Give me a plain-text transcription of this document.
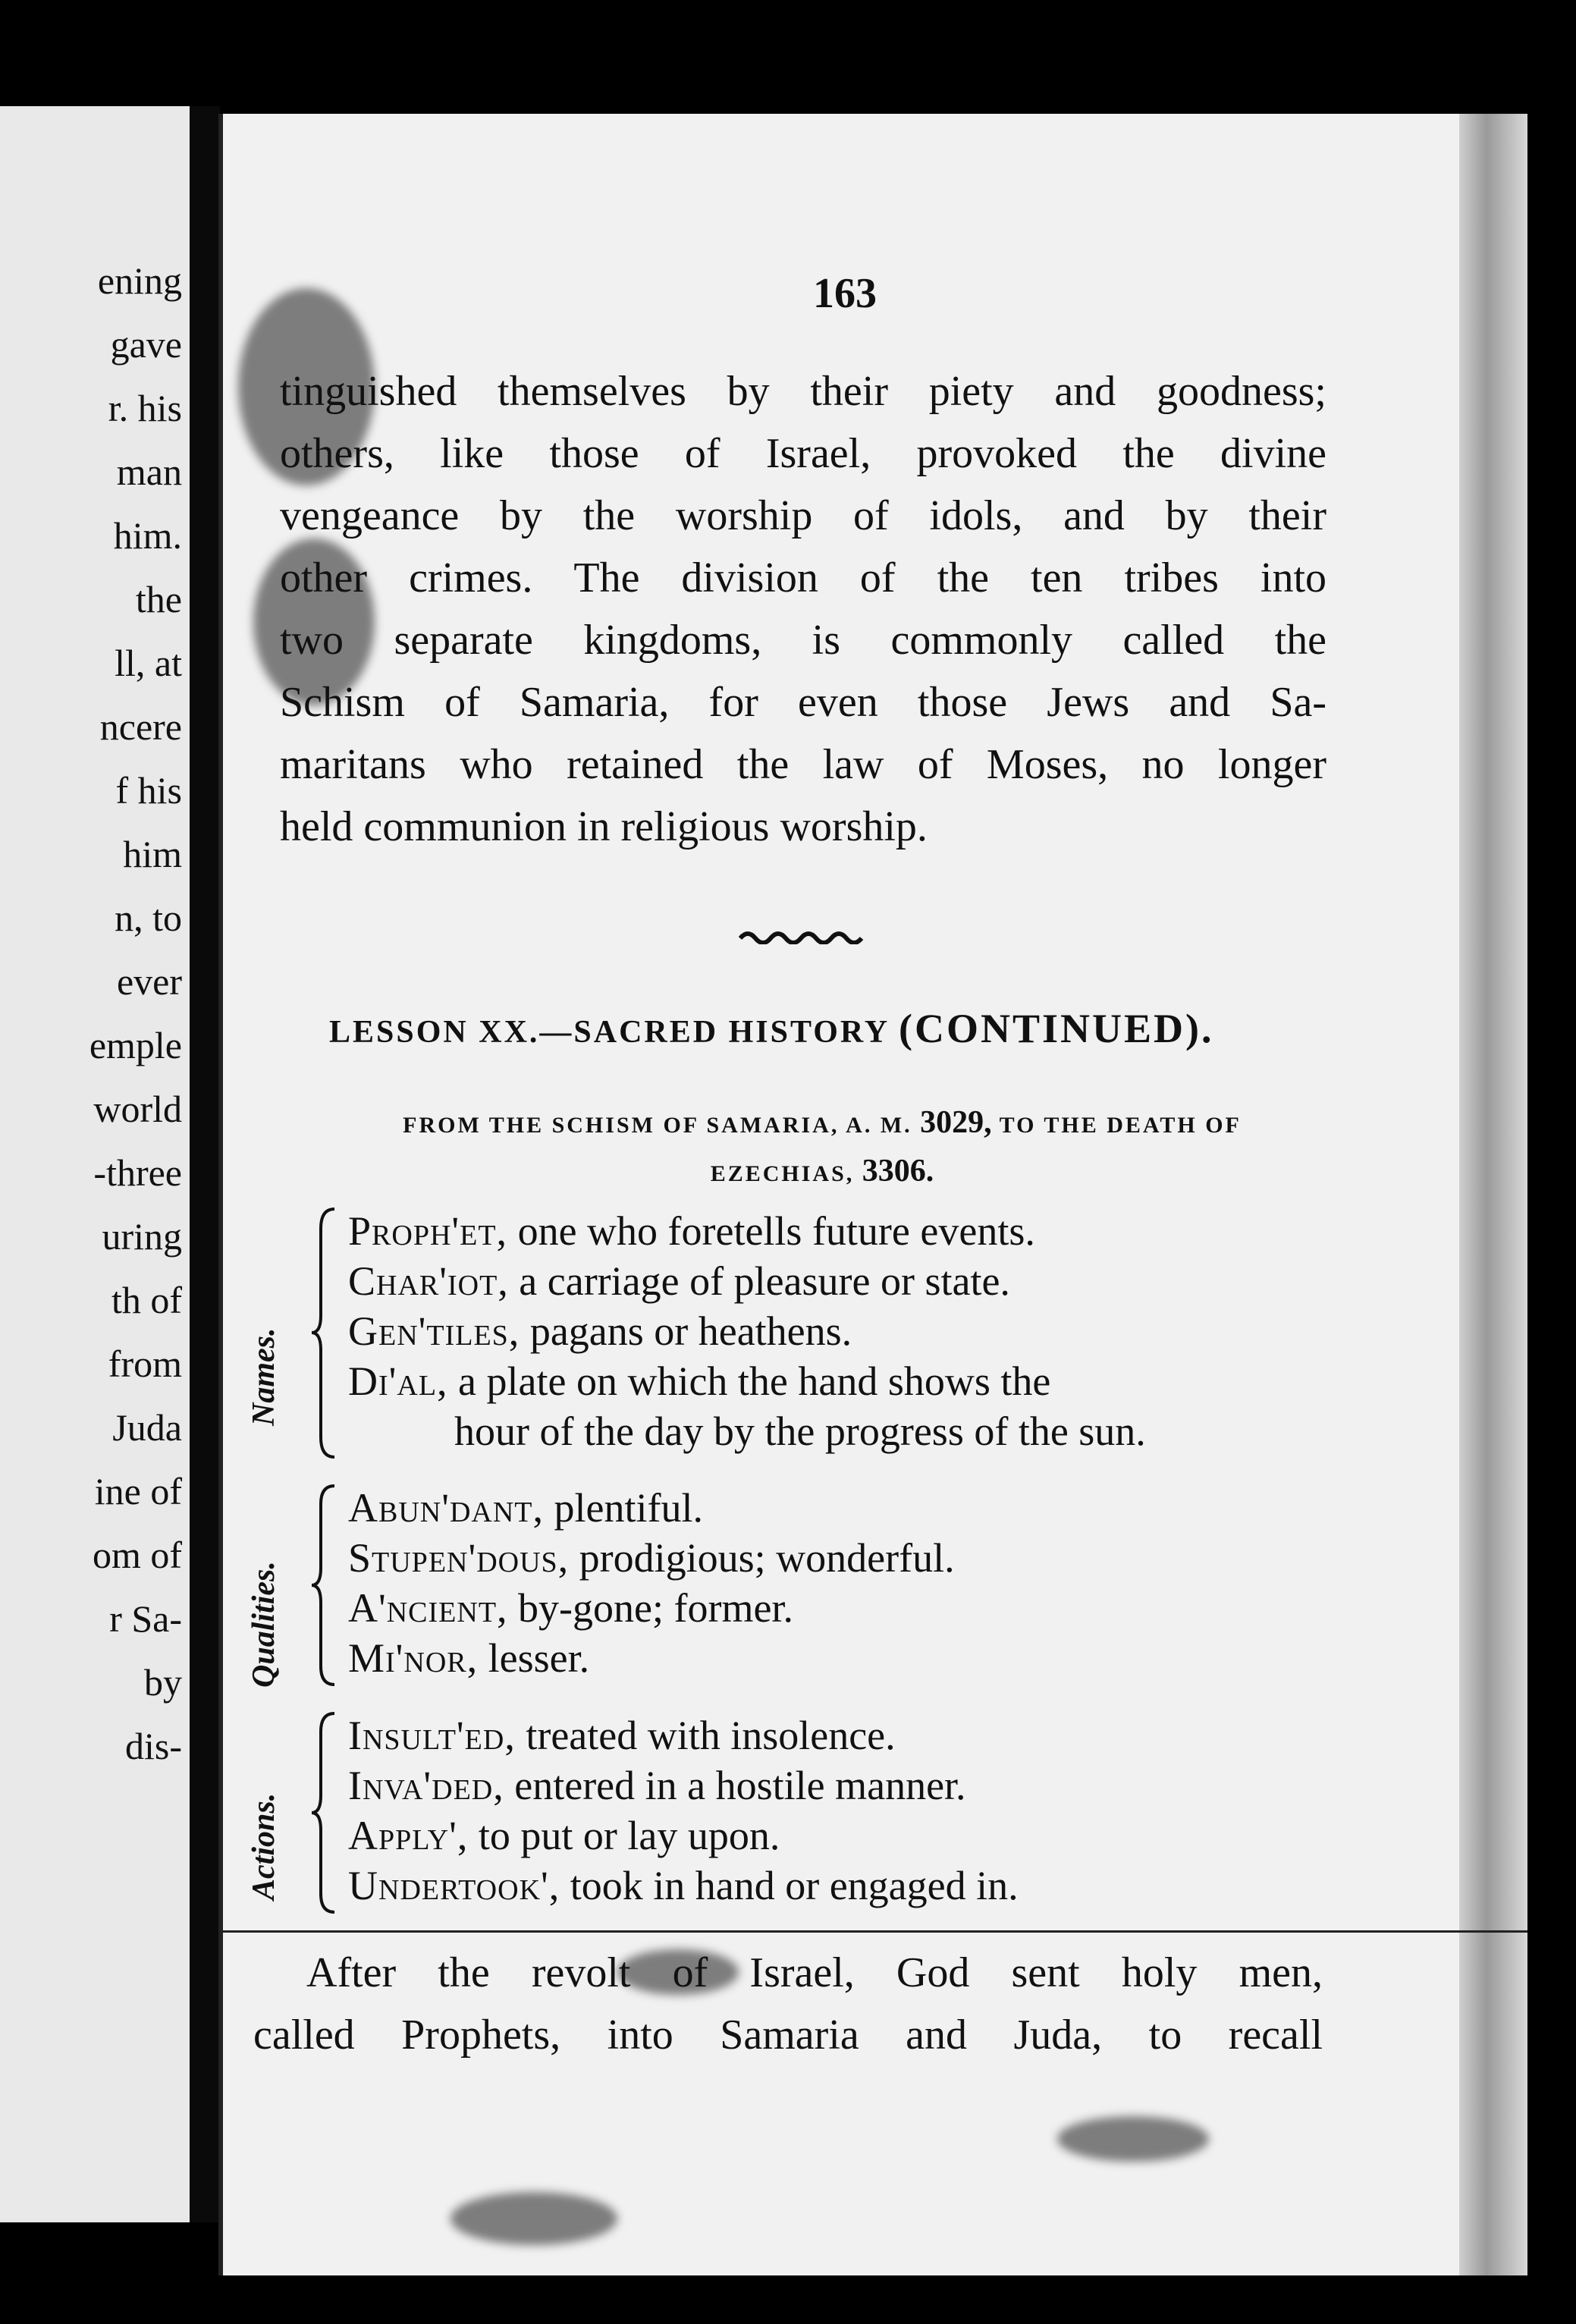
ening
gave
r. his
man
him.
the
ll, at
ncere
f his
him
n, to
ever
emple
world
-three
uring
th of
from
Juda
ine of
om of
r Sa-
by
dis-
163
tinguished themselves by their piety and goodness;
others, like those of Israel, provoked the divine
vengeance by the worship of idols, and by their
other crimes. The division of the ten tribes into
two separate kingdoms, is commonly called the
Schism of Samaria, for even those Jews and Sa-
maritans who retained the law of Moses, no longer
held communion in religious worship.
LESSON XX.—SACRED HISTORY (CONTINUED).
FROM THE SCHISM OF SAMARIA, A. M. 3029, TO THE DEATH OF
EZECHIAS, 3306.
Names.
Proph'et, one who foretells future events.
Char'iot, a carriage of pleasure or state.
Gen'tiles, pagans or heathens.
Di'al, a plate on which the hand shows the
hour of the day by the progress of the sun.
Qualities.
Abun'dant, plentiful.
Stupen'dous, prodigious; wonderful.
A'ncient, by-gone; former.
Mi'nor, lesser.
Actions.
Insult'ed, treated with insolence.
Inva'ded, entered in a hostile manner.
Apply', to put or lay upon.
Undertook', took in hand or engaged in.
After the revolt of Israel, God sent holy men,
called Prophets, into Samaria and Juda, to recall
